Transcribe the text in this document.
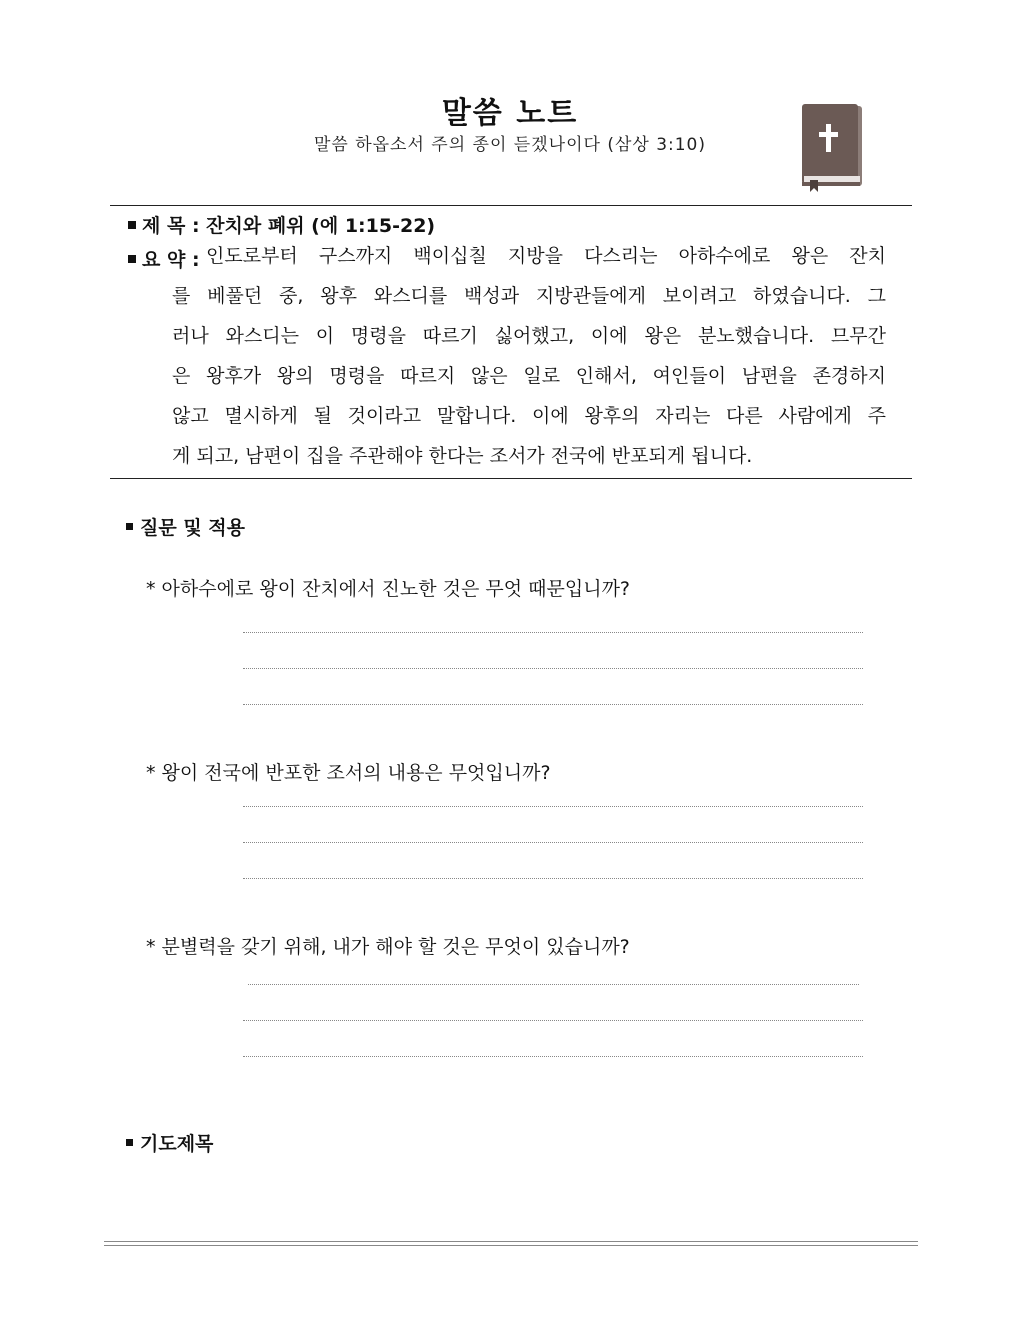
말씀 노트
말씀 하옵소서 주의 종이 듣겠나이다 (삼상 3:10)
제 목 : 잔치와 폐위 (에 1:15-22)
요 약 : 인도로부터 구스까지 백이십칠 지방을 다스리는 아하수에로 왕은 잔치
를 베풀던 중, 왕후 와스디를 백성과 지방관들에게 보이려고 하였습니다. 그
러나 와스디는 이 명령을 따르기 싫어했고, 이에 왕은 분노했습니다. 므무간
은 왕후가 왕의 명령을 따르지 않은 일로 인해서, 여인들이 남편을 존경하지
않고 멸시하게 될 것이라고 말합니다. 이에 왕후의 자리는 다른 사람에게 주
게 되고, 남편이 집을 주관해야 한다는 조서가 전국에 반포되게 됩니다.
질문 및 적용
* 아하수에로 왕이 잔치에서 진노한 것은 무엇 때문입니까?
* 왕이 전국에 반포한 조서의 내용은 무엇입니까?
* 분별력을 갖기 위해, 내가 해야 할 것은 무엇이 있습니까?
기도제목
